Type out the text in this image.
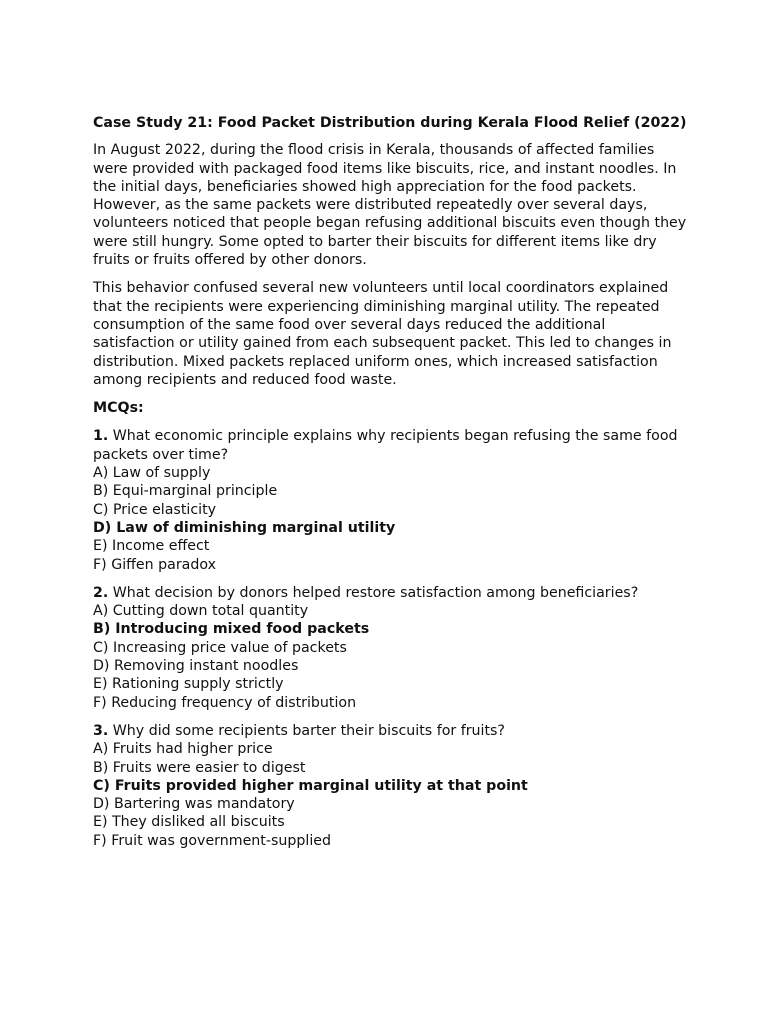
Case Study 21: Food Packet Distribution during Kerala Flood Relief (2022)

In August 2022, during the flood crisis in Kerala, thousands of affected families were provided with packaged food items like biscuits, rice, and instant noodles. In the initial days, beneficiaries showed high appreciation for the food packets. However, as the same packets were distributed repeatedly over several days, volunteers noticed that people began refusing additional biscuits even though they were still hungry. Some opted to barter their biscuits for different items like dry fruits or fruits offered by other donors.

This behavior confused several new volunteers until local coordinators explained that the recipients were experiencing diminishing marginal utility. The repeated consumption of the same food over several days reduced the additional satisfaction or utility gained from each subsequent packet. This led to changes in distribution. Mixed packets replaced uniform ones, which increased satisfaction among recipients and reduced food waste.

MCQs:
1. What economic principle explains why recipients began refusing the same food packets over time?
A) Law of supply
B) Equi-marginal principle
C) Price elasticity
D) Law of diminishing marginal utility
E) Income effect
F) Giffen paradox
2. What decision by donors helped restore satisfaction among beneficiaries?
A) Cutting down total quantity
B) Introducing mixed food packets
C) Increasing price value of packets
D) Removing instant noodles
E) Rationing supply strictly
F) Reducing frequency of distribution
3. Why did some recipients barter their biscuits for fruits?
A) Fruits had higher price
B) Fruits were easier to digest
C) Fruits provided higher marginal utility at that point
D) Bartering was mandatory
E) They disliked all biscuits
F) Fruit was government-supplied
